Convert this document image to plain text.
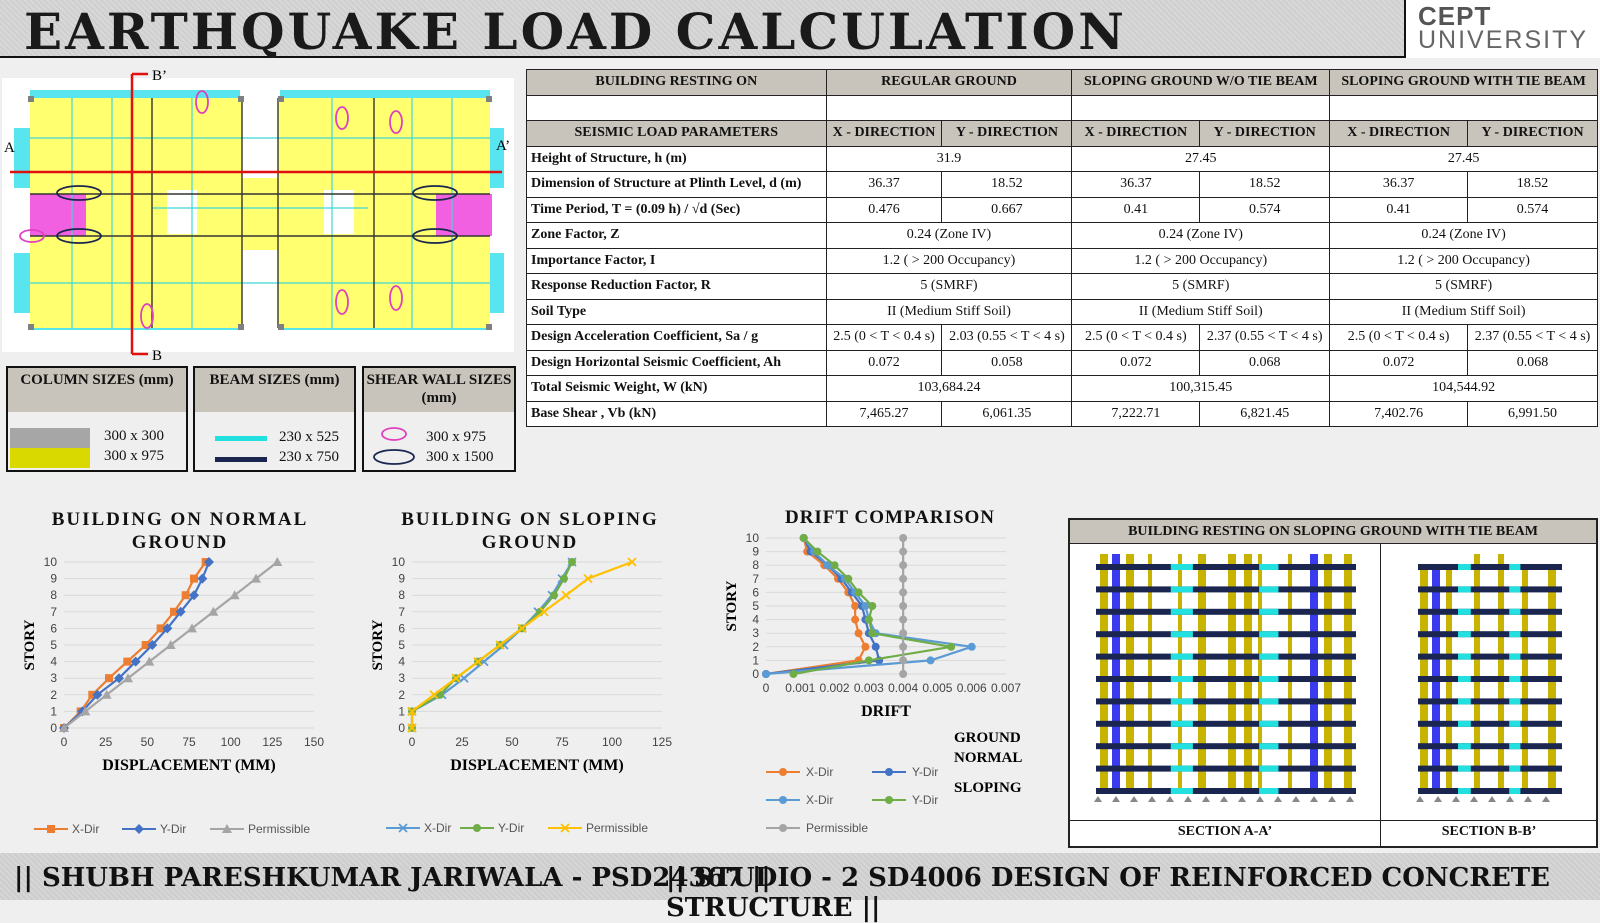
EARTHQUAKE LOAD CALCULATION	CEPT
UNIVERSITY
A	A’
B
B’
COLUMN SIZES (mm)
300 x 300
300 x 975
BEAM SIZES (mm)
230 x 525
230 x 750
SHEAR WALL SIZES (mm)
300 x 975
300 x 1500
BUILDING RESTING ON	REGULAR GROUND		SLOPING GROUND W/O TIE BEAM		SLOPING GROUND WITH TIE BEAM	

SEISMIC LOAD PARAMETERS	X - DIRECTION	Y - DIRECTION	X - DIRECTION	Y - DIRECTION	X - DIRECTION	Y - DIRECTION
Height of Structure, h (m)	31.9		27.45		27.45	
Dimension of Structure at Plinth Level, d (m)	36.37	18.52	36.37	18.52	36.37	18.52
Time Period, T = (0.09 h) / √d (Sec)	0.476	0.667	0.41	0.574	0.41	0.574
Zone Factor, Z	0.24 (Zone IV)		0.24 (Zone IV)		0.24 (Zone IV)	
Importance Factor, I	1.2 ( > 200 Occupancy)		1.2 ( > 200 Occupancy)		1.2 ( > 200 Occupancy)	
Response Reduction Factor, R	5 (SMRF)		5 (SMRF)		5 (SMRF)	
Soil Type	II (Medium Stiff Soil)		II (Medium Stiff Soil)		II (Medium Stiff Soil)	
Design Acceleration Coefficient, Sa / g	2.5 (0 < T < 0.4 s)	2.03 (0.55 < T < 4 s)	2.5 (0 < T < 0.4 s)	2.37 (0.55 < T < 4 s)	2.5 (0 < T < 0.4 s)	2.37 (0.55 < T < 4 s)
Design Horizontal Seismic Coefficient, Ah	0.072	0.058	0.072	0.068	0.072	0.068
Total Seismic Weight, W (kN)	103,684.24		100,315.45		104,544.92	
Base Shear , Vb (kN)	7,465.27	6,061.35	7,222.71	6,821.45	7,402.76	6,991.50
BUILDING ON NORMAL GROUND
BUILDING ON SLOPING GROUND
DRIFT COMPARISON
0
1
2
3
4
5
6
7
8
9
10
0	25 50 75 100 125 150
STORY
DISPLACEMENT (MM)
X-Dir	Y-Dir	Permissible
0
1
2
3
4
5
6
7
8
9
10
0	25	50	75	100 125
STORY
DISPLACEMENT (MM)
X-Dir	Y-Dir	Permissible
0
1
2
3
4
5
6
7
8
9
10
0 0.001 0.002 0.003 0.004 0.005 0.006 0.007
STORY
DRIFT
X-Dir	Y-Dir
X-Dir	Y-Dir
Permissible
GROUND
NORMAL
SLOPING
BUILDING RESTING ON SLOPING GROUND WITH TIE BEAM
SECTION A-A’	SECTION B-B’
|| SHUBH PARESHKUMAR JARIWALA - PSD24367 ||
|| STUDIO - 2 SD4006 DESIGN OF REINFORCED CONCRETE STRUCTURE ||
